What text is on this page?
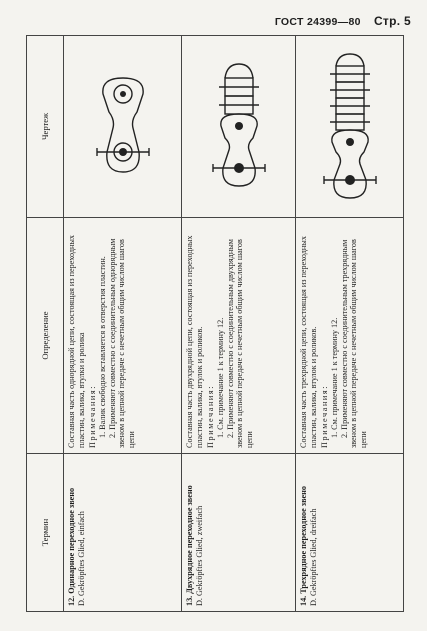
ГОСТ 24399—80 Стр. 5
Термин	Определение	Чертеж
12. Одинарное переходное звено D. Gekröpftes Glied, einfach	Составная часть однорядной цепи, состоящая из переходных пластин, валика, втулки и ролика Примечания: 1. Валик свободно вставляется в отверстия пластин. 2. Применяют совместно с соединительным однорядным звеном в цепной передаче с нечетным общим числом шагов цепи

13. Двухрядное переходное звено D. Gekröpftes Glied, zweifach	Составная часть двухрядной цепи, состоящая из переходных пластин, валика, втулок и роликов. Примечания: 1. См. примечание 1 к термину 12. 2. Применяют совместно с соединительным двухрядным звеном в цепной передаче с нечетным общим числом шагов цепи

14. Трехрядное переходное звено D. Gekröpftes Glied, dreifach	Составная часть трехрядной цепи, состоящая из переходных пластин, валика, втулок и роликов. Примечания: 1. См. примечание 1 к термину 12. 2. Применяют совместно с соединительным трехрядным звеном в цепной передаче с нечетным общим числом шагов цепи
